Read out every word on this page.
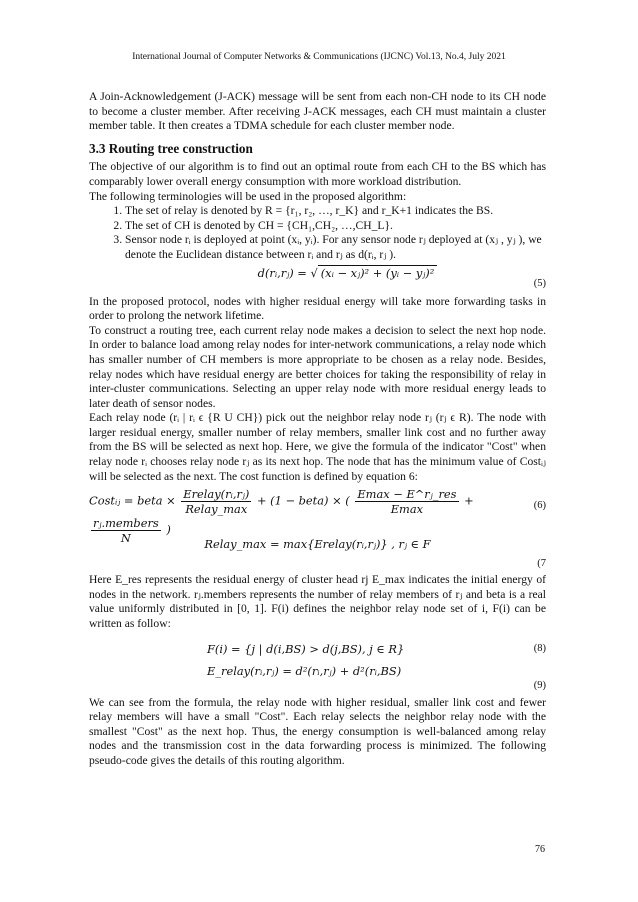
International Journal of Computer Networks & Communications (IJCNC) Vol.13, No.4, July 2021

A Join-Acknowledgement (J-ACK) message will be sent from each non-CH node to its CH node to become a cluster member. After receiving J-ACK messages, each CH must maintain a cluster member table. It then creates a TDMA schedule for each cluster member node.

3.3 Routing tree construction

The objective of our algorithm is to find out an optimal route from each CH to the BS which has comparably lower overall energy consumption with more workload distribution.

The following terminologies will be used in the proposed algorithm:

1. The set of relay is denoted by R = {r₁, r₂, …, r_K} and r_K+1 indicates the BS.
2. The set of CH is denoted by CH = {CH₁,CH₂, …,CH_L}.
3. Sensor node rᵢ is deployed at point (xᵢ, yᵢ). For any sensor node rⱼ deployed at (xⱼ , yⱼ ), we denote the Euclidean distance between rᵢ and rⱼ as d(rᵢ, rⱼ ).
d(rᵢ,rⱼ) = √ (xᵢ − xⱼ)² + (yᵢ − yⱼ)²
(5)

In the proposed protocol, nodes with higher residual energy will take more forwarding tasks in order to prolong the network lifetime.

To construct a routing tree, each current relay node makes a decision to select the next hop node. In order to balance load among relay nodes for inter-network communications, a relay node which has smaller number of CH members is more appropriate to be chosen as a relay node. Besides, relay nodes which have residual energy are better choices for taking the responsibility of relay in inter-cluster communications. Selecting an upper relay node with more residual energy leads to later death of sensor nodes.

Each relay node (rᵢ | rᵢ ϵ {R U CH}) pick out the neighbor relay node rⱼ (rⱼ ϵ R). The node with larger residual energy, smaller number of relay members, smaller link cost and no further away from the BS will be selected as next hop. Here, we give the formula of the indicator "Cost" when relay node rᵢ chooses relay node rⱼ as its next hop. The node that has the minimum value of Costᵢⱼ will be selected as the next. The cost function is defined by equation 6:

Costᵢⱼ = beta × $\frac{\text{Erelay(rᵢ,rⱼ)}}{\text{Relay\_max}} + (1$ − beta) × ( $\frac{\text{Emax − E\textasciicircum{}rⱼ\_res}}{Emax}$ +
$\frac{\text{rⱼ.members}}{N}$ )
(6)
Relay_max = max{Erelay(rᵢ,rⱼ)} , rⱼ ∈ F
(7

Here E_res represents the residual energy of cluster head rj E_max indicates the initial energy of nodes in the network. rⱼ.members represents the number of relay members of rⱼ and beta is a real value uniformly distributed in [0, 1]. F(i) defines the neighbor relay node set of i, F(i) can be written as follow:

F(i) = {j | d(i,BS) > d(j,BS), j ∈ R}	(8)
E_relay(rᵢ,rⱼ) = d²(rᵢ,rⱼ) + d²(rᵢ,BS)
(9)

We can see from the formula, the relay node with higher residual, smaller link cost and fewer relay members will have a small "Cost". Each relay selects the neighbor relay node with the smallest "Cost" as the next hop. Thus, the energy consumption is well-balanced among relay nodes and the transmission cost in the data forwarding process is minimized. The following pseudo-code gives the details of this routing algorithm.

76
